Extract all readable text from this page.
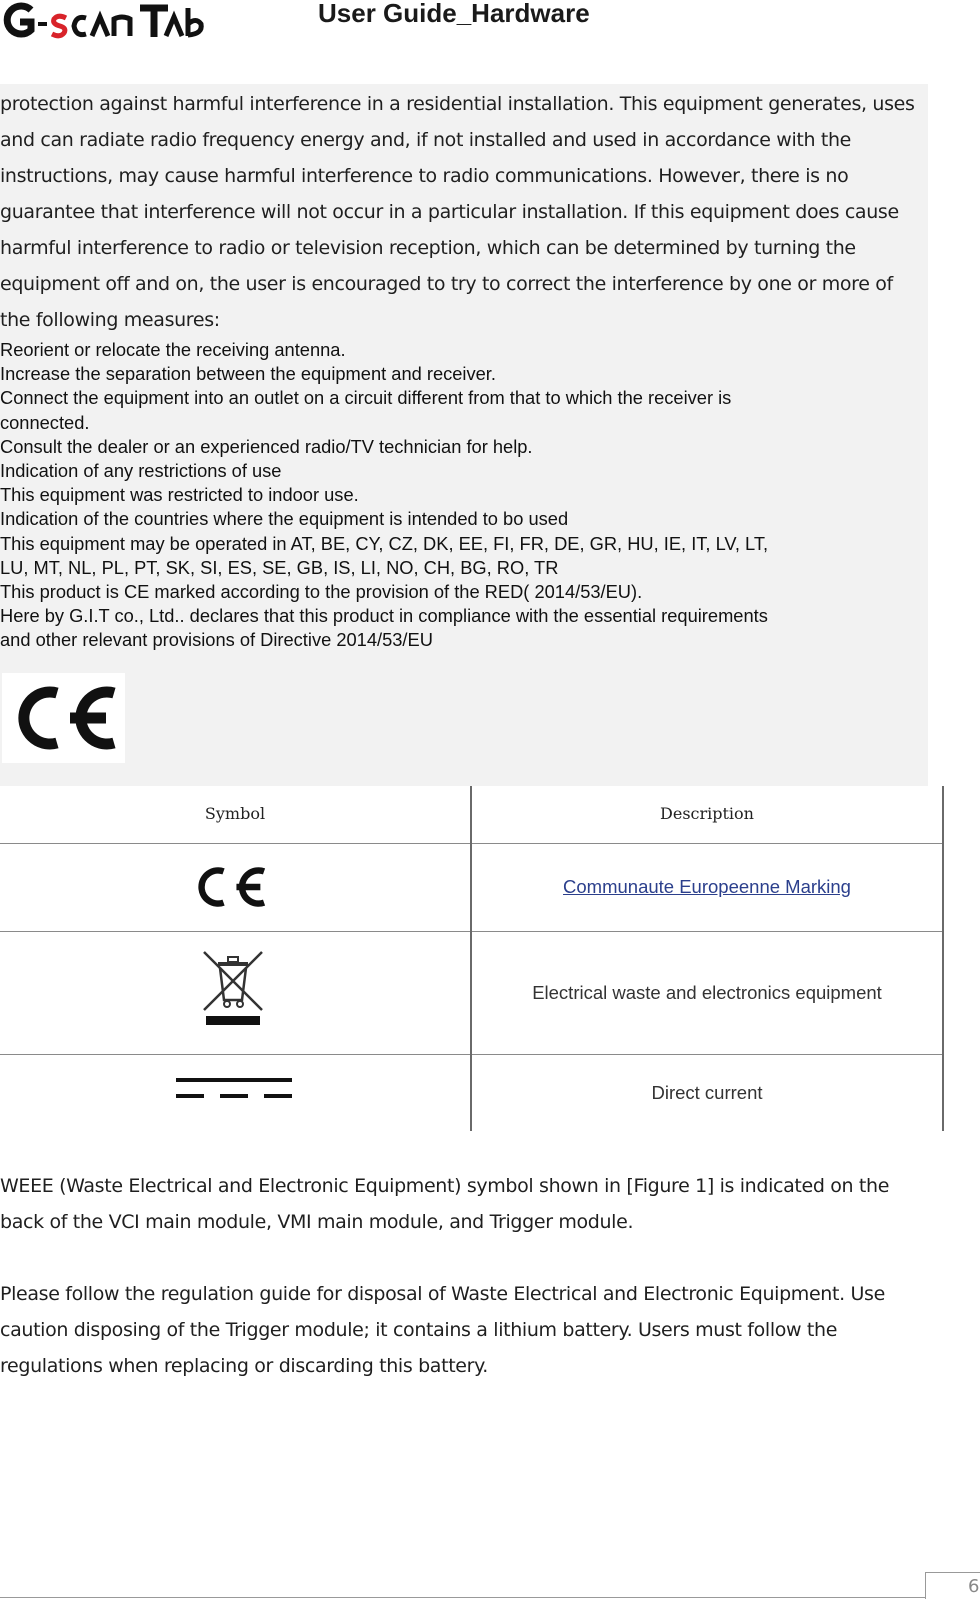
User Guide_Hardware

protection against harmful interference in a residential installation. This equipment generates, uses and can radiate radio frequency energy and, if not installed and used in accordance with the instructions, may cause harmful interference to radio communications. However, there is no guarantee that interference will not occur in a particular installation. If this equipment does cause harmful interference to radio or television reception, which can be determined by turning the equipment off and on, the user is encouraged to try to correct the interference by one or more of the following measures:

Reorient or relocate the receiving antenna.
Increase the separation between the equipment and receiver.
Connect the equipment into an outlet on a circuit different from that to which the receiver is
connected.
Consult the dealer or an experienced radio/TV technician for help.
Indication of any restrictions of use
This equipment was restricted to indoor use.
Indication of the countries where the equipment is intended to bo used
This equipment may be operated in AT, BE, CY, CZ, DK, EE, FI, FR, DE, GR, HU, IE, IT, LV, LT,
LU, MT, NL, PL, PT, SK, SI, ES, SE, GB, IS, LI, NO, CH, BG, RO, TR
This product is CE marked according to the provision of the RED( 2014/53/EU).
Here by G.I.T co., Ltd.. declares that this product in compliance with the essential requirements
and other relevant provisions of Directive 2014/53/EU
Symbol	Description
Communaute Europeenne Marking
Electrical waste and electronics equipment
Direct current

WEEE (Waste Electrical and Electronic Equipment) symbol shown in [Figure 1] is indicated on the back of the VCI main module, VMI main module, and Trigger module.

Please follow the regulation guide for disposal of Waste Electrical and Electronic Equipment. Use caution disposing of the Trigger module; it contains a lithium battery. Users must follow the regulations when replacing or discarding this battery.

6
